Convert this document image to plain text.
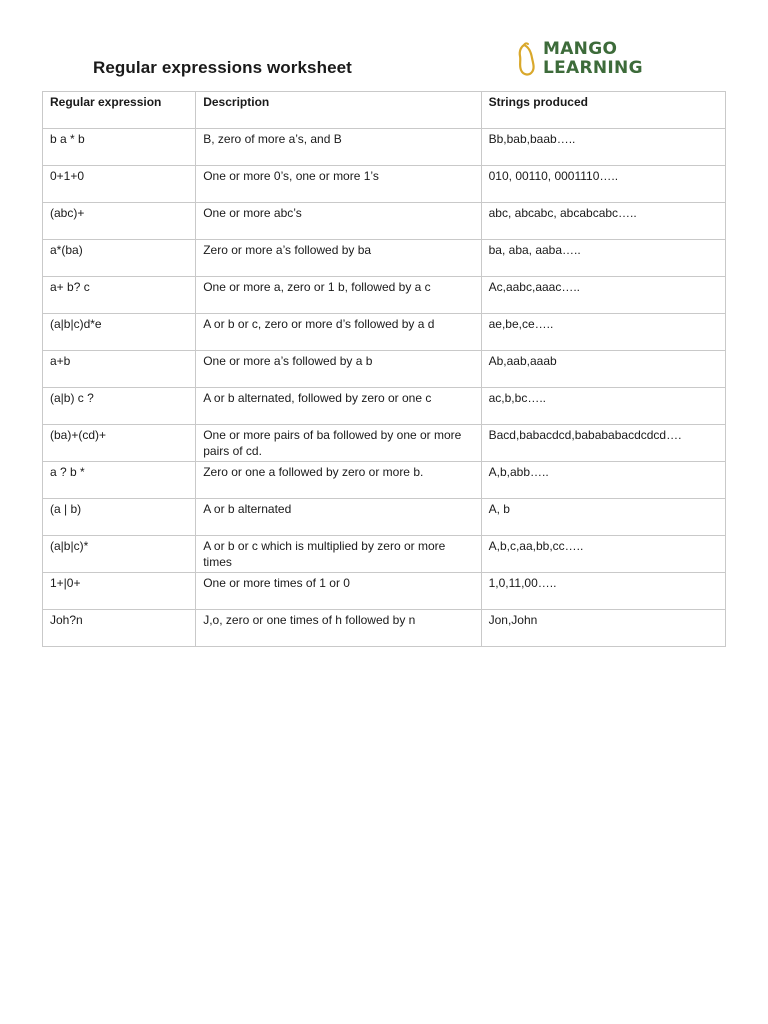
Regular expressions worksheet
MANGO
LEARNING
Regular expression	Description	Strings produced
b a * b	B, zero of more a’s, and B	Bb,bab,baab…..
0+1+0	One or more 0’s, one or more 1’s	010, 00110, 0001110…..
(abc)+	One or more abc’s	abc, abcabc, abcabcabc…..
a*(ba)	Zero or more a’s followed by ba	ba, aba, aaba…..
a+ b? c	One or more a, zero or 1 b, followed by a c	Ac,aabc,aaac…..
(a|b|c)d*e	A or b or c, zero or more d’s followed by a d	ae,be,ce…..
a+b	One or more a’s followed by a b	Ab,aab,aaab
(a|b) c ?	A or b alternated, followed by zero or one c	ac,b,bc…..
(ba)+(cd)+	One or more pairs of ba followed by one or more pairs of cd.	Bacd,babacdcd,babababacdcdcd….
a ? b *	Zero or one a followed by zero or more b.	A,b,abb…..
(a | b)	A or b alternated	A, b
(a|b|c)*	A or b or c which is multiplied by zero or more times	A,b,c,aa,bb,cc…..
1+|0+	One or more times of 1 or 0	1,0,11,00…..
Joh?n	J,o, zero or one times of h followed by n	Jon,John
